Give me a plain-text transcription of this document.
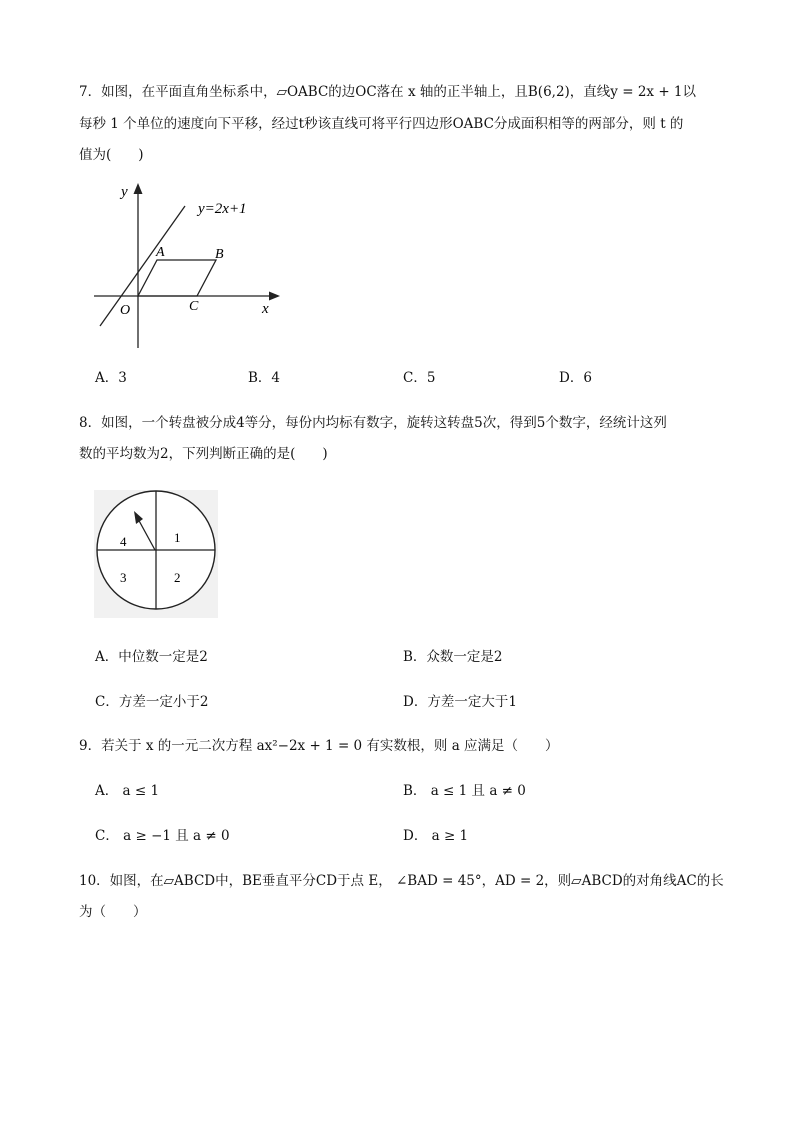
7．如图，在平面直角坐标系中，▱OABC的边OC落在 x 轴的正半轴上，且B(6,2)，直线y = 2x + 1以
每秒 1 个单位的速度向下平移，经过t秒该直线可将平行四边形OABC分成面积相等的两部分，则 t 的
值为(　　)
y
x
y=2x+1
O
A	B
C
A．3	B．4	C．5	D．6
8．如图，一个转盘被分成4等分，每份内均标有数字，旋转这转盘5次，得到5个数字，经统计这列
数的平均数为2，下列判断正确的是(　　)
1
2
3
4
A．中位数一定是2	B．众数一定是2
C．方差一定小于2	D．方差一定大于1
9．若关于 x 的一元二次方程 ax²−2x + 1 = 0 有实数根，则 a 应满足（　　）
A． a ≤ 1	B． a ≤ 1 且 a ≠ 0
C． a ≥ −1 且 a ≠ 0	D． a ≥ 1
10．如图，在▱ABCD中，BE垂直平分CD于点 E， ∠BAD = 45°，AD = 2，则▱ABCD的对角线AC的长
为（　　）
